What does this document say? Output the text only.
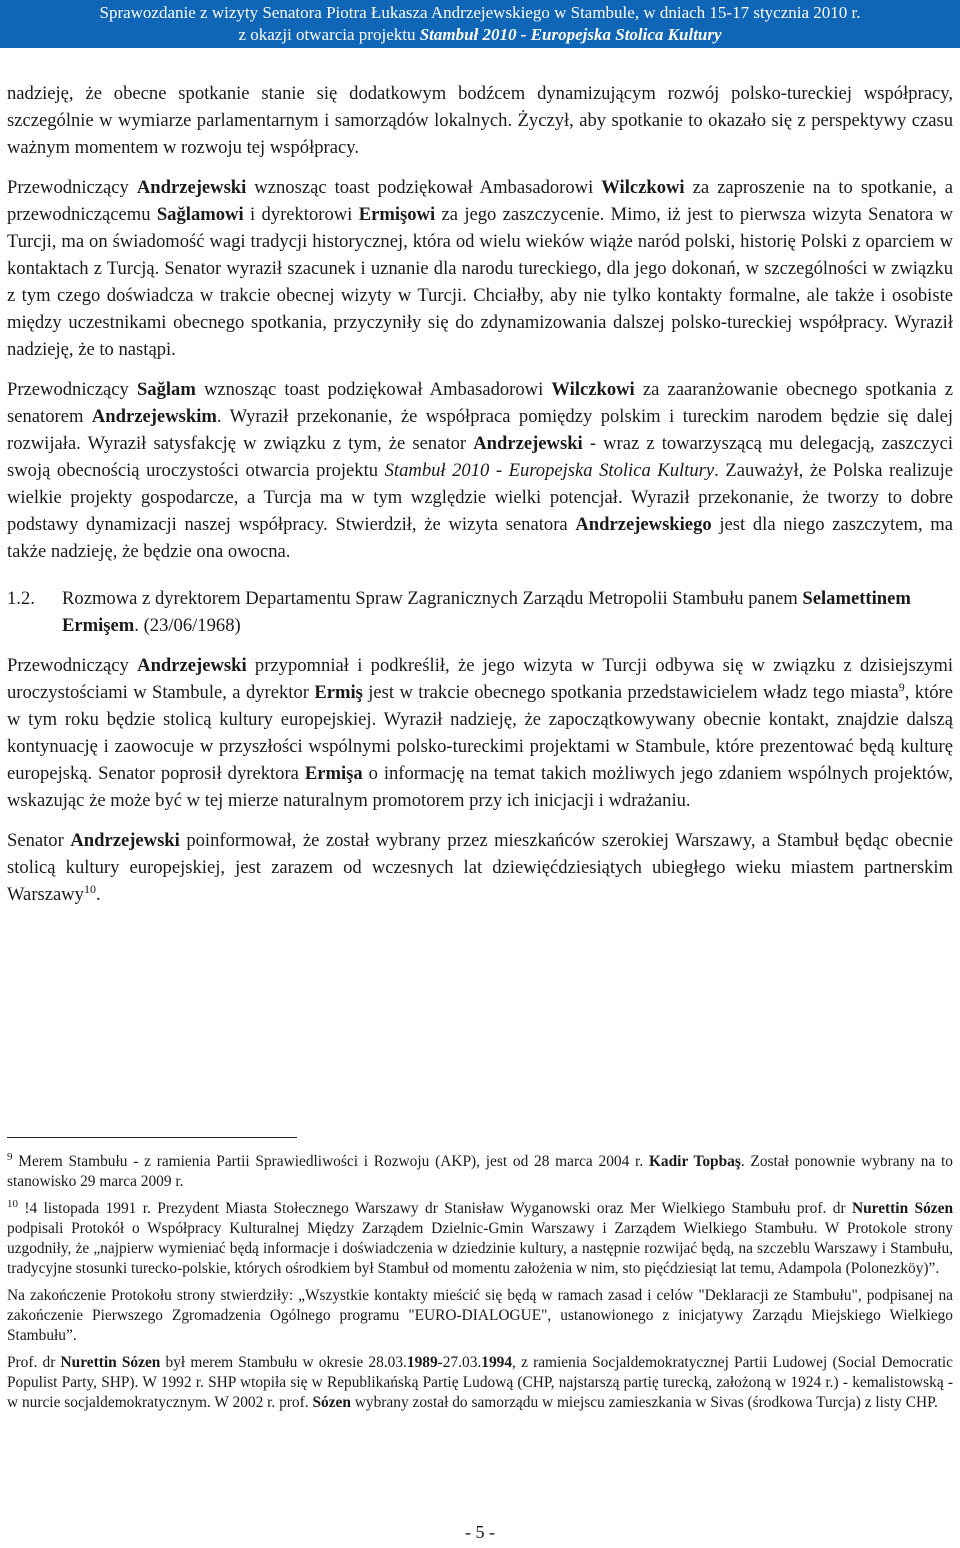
Sprawozdanie z wizyty Senatora Piotra Łukasza Andrzejewskiego w Stambule, w dniach 15-17 stycznia 2010 r.
z okazji otwarcia projektu Stambuł 2010 - Europejska Stolica Kultury

nadzieję, że obecne spotkanie stanie się dodatkowym bodźcem dynamizującym rozwój polsko-tureckiej współpracy, szczególnie w wymiarze parlamentarnym i samorządów lokalnych. Życzył, aby spotkanie to okazało się z perspektywy czasu ważnym momentem w rozwoju tej współpracy.

Przewodniczący Andrzejewski wznosząc toast podziękował Ambasadorowi Wilczkowi za zaproszenie na to spotkanie, a przewodniczącemu Sağlamowi i dyrektorowi Ermişowi za jego zaszczycenie. Mimo, iż jest to pierwsza wizyta Senatora w Turcji, ma on świadomość wagi tradycji historycznej, która od wielu wieków wiąże naród polski, historię Polski z oparciem w kontaktach z Turcją. Senator wyraził szacunek i uznanie dla narodu tureckiego, dla jego dokonań, w szczególności w związku z tym czego doświadcza w trakcie obecnej wizyty w Turcji. Chciałby, aby nie tylko kontakty formalne, ale także i osobiste między uczestnikami obecnego spotkania, przyczyniły się do zdynamizowania dalszej polsko-tureckiej współpracy. Wyraził nadzieję, że to nastąpi.

Przewodniczący Sağlam wznosząc toast podziękował Ambasadorowi Wilczkowi za zaaranżowanie obecnego spotkania z senatorem Andrzejewskim. Wyraził przekonanie, że współpraca pomiędzy polskim i tureckim narodem będzie się dalej rozwijała. Wyraził satysfakcję w związku z tym, że senator Andrzejewski - wraz z towarzyszącą mu delegacją, zaszczyci swoją obecnością uroczystości otwarcia projektu Stambuł 2010 - Europejska Stolica Kultury. Zauważył, że Polska realizuje wielkie projekty gospodarcze, a Turcja ma w tym względzie wielki potencjał. Wyraził przekonanie, że tworzy to dobre podstawy dynamizacji naszej współpracy. Stwierdził, że wizyta senatora Andrzejewskiego jest dla niego zaszczytem, ma także nadzieję, że będzie ona owocna.

1.2.	Rozmowa z dyrektorem Departamentu Spraw Zagranicznych Zarządu Metropolii Stambułu panem Selamettinem Ermişem. (23/06/1968)

Przewodniczący Andrzejewski przypomniał i podkreślił, że jego wizyta w Turcji odbywa się w związku z dzisiejszymi uroczystościami w Stambule, a dyrektor Ermiş jest w trakcie obecnego spotkania przedstawicielem władz tego miasta$^9$, które w tym roku będzie stolicą kultury europejskiej. Wyraził nadzieję, że zapoczątkowywany obecnie kontakt, znajdzie dalszą kontynuację i zaowocuje w przyszłości wspólnymi polsko-tureckimi projektami w Stambule, które prezentować będą kulturę europejską. Senator poprosił dyrektora Ermişa o informację na temat takich możliwych jego zdaniem wspólnych projektów, wskazując że może być w tej mierze naturalnym promotorem przy ich inicjacji i wdrażaniu.

Senator Andrzejewski poinformował, że został wybrany przez mieszkańców szerokiej Warszawy, a Stambuł będąc obecnie stolicą kultury europejskiej, jest zarazem od wczesnych lat dziewięćdziesiątych ubiegłego wieku miastem partnerskim Warszawy$^{10}$.

$^9$ Merem Stambułu - z ramienia Partii Sprawiedliwości i Rozwoju (AKP), jest od 28 marca 2004 r. Kadir Topbaş. Został ponownie wybrany na to stanowisko 29 marca 2009 r.

$^{10}$ !4 listopada 1991 r. Prezydent Miasta Stołecznego Warszawy dr Stanisław Wyganowski oraz Mer Wielkiego Stambułu prof. dr Nurettin Sózen podpisali Protokół o Współpracy Kulturalnej Między Zarządem Dzielnic-Gmin Warszawy i Zarządem Wielkiego Stambułu. W Protokole strony uzgodniły, że „najpierw wymieniać będą informacje i doświadczenia w dziedzinie kultury, a następnie rozwijać będą, na szczeblu Warszawy i Stambułu, tradycyjne stosunki turecko-polskie, których ośrodkiem był Stambuł od momentu założenia w nim, sto pięćdziesiąt lat temu, Adampola (Polonezköy)”.

Na zakończenie Protokołu strony stwierdziły: „Wszystkie kontakty mieścić się będą w ramach zasad i celów "Deklaracji ze Stambułu", podpisanej na zakończenie Pierwszego Zgromadzenia Ogólnego programu "EURO-DIALOGUE", ustanowionego z inicjatywy Zarządu Miejskiego Wielkiego Stambułu”.

Prof. dr Nurettin Sózen był merem Stambułu w okresie 28.03.1989-27.03.1994, z ramienia Socjaldemokratycznej Partii Ludowej (Social Democratic Populist Party, SHP). W 1992 r. SHP wtopiła się w Republikańską Partię Ludową (CHP, najstarszą partię turecką, założoną w 1924 r.) - kemalistowską - w nurcie socjaldemokratycznym. W 2002 r. prof. Sózen wybrany został do samorządu w miejscu zamieszkania w Sivas (środkowa Turcja) z listy CHP.

- 5 -
